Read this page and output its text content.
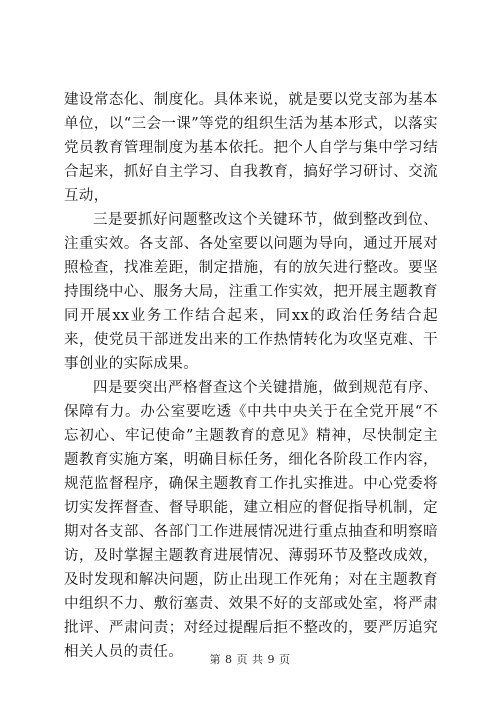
建设常态化、制度化。具体来说，就是要以党支部为基本单位，以“三会一课”等党的组织生活为基本形式，以落实党员教育管理制度为基本依托。把个人自学与集中学习结合起来，抓好自主学习、自我教育，搞好学习研讨、交流互动，

三是要抓好问题整改这个关键环节，做到整改到位、注重实效。各支部、各处室要以问题为导向，通过开展对照检查，找准差距，制定措施，有的放矢进行整改。要坚持围绕中心、服务大局，注重工作实效，把开展主题教育同开展xx业务工作结合起来，同xx的政治任务结合起来，使党员干部迸发出来的工作热情转化为攻坚克难、干事创业的实际成果。

四是要突出严格督查这个关键措施，做到规范有序、保障有力。办公室要吃透《中共中央关于在全党开展“不忘初心、牢记使命”主题教育的意见》精神，尽快制定主题教育实施方案，明确目标任务，细化各阶段工作内容，规范监督程序，确保主题教育工作扎实推进。中心党委将切实发挥督查、督导职能，建立相应的督促指导机制，定期对各支部、各部门工作进展情况进行重点抽查和明察暗访，及时掌握主题教育进展情况、薄弱环节及整改成效，及时发现和解决问题，防止出现工作死角；对在主题教育中组织不力、敷衍塞责、效果不好的支部或处室，将严肃批评、严肃问责；对经过提醒后拒不整改的，要严厉追究相关人员的责任。	第 8 页 共 9 页
